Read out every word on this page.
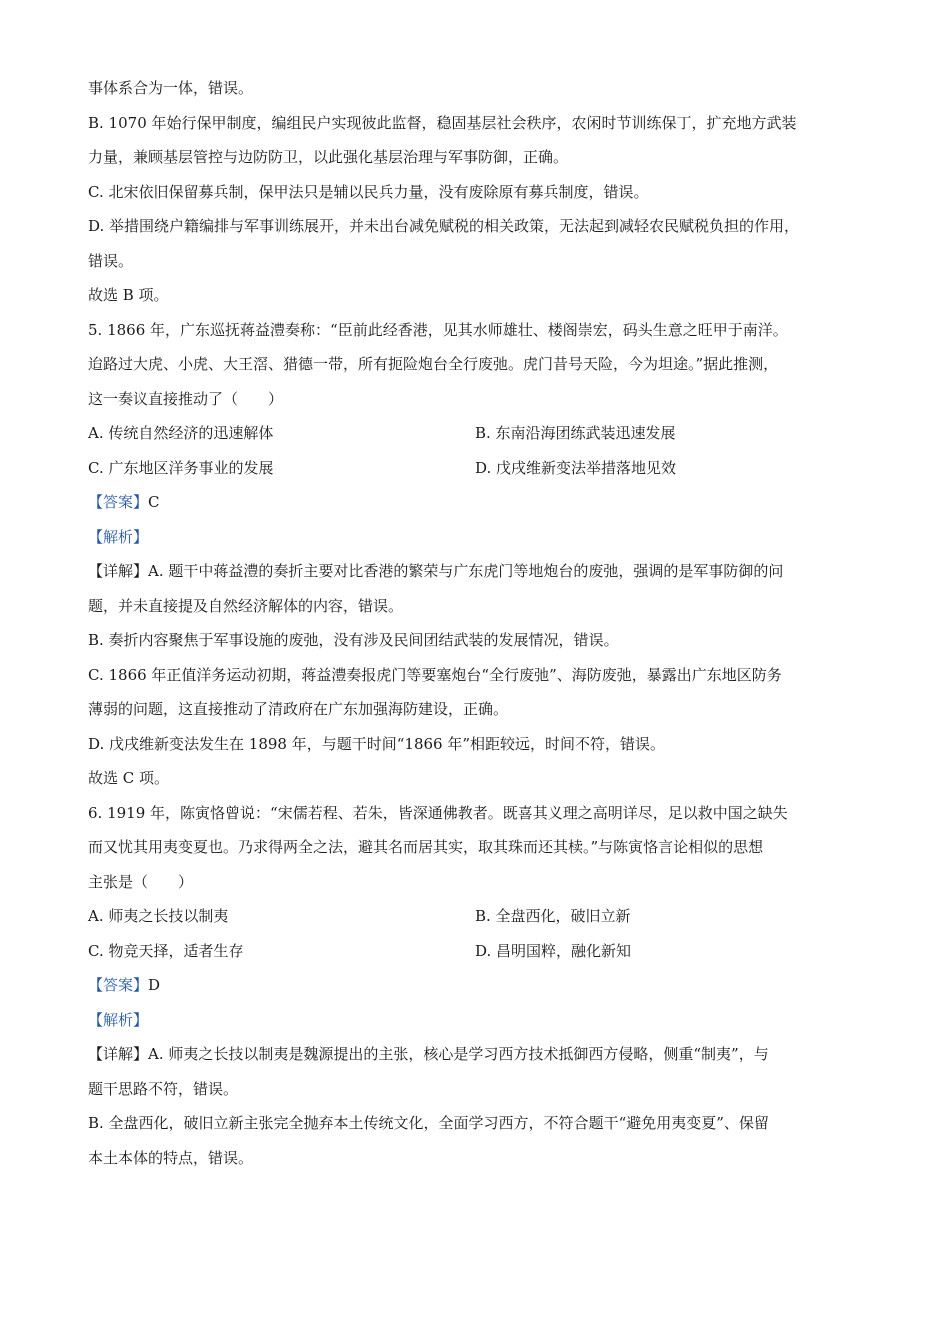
事体系合为一体，错误。

B. 1070 年始行保甲制度，编组民户实现彼此监督，稳固基层社会秩序，农闲时节训练保丁，扩充地方武装

力量，兼顾基层管控与边防防卫，以此强化基层治理与军事防御，正确。

C. 北宋依旧保留募兵制，保甲法只是辅以民兵力量，没有废除原有募兵制度，错误。

D. 举措围绕户籍编排与军事训练展开，并未出台减免赋税的相关政策，无法起到减轻农民赋税负担的作用，

错误。

故选 B 项。

5. 1866 年，广东巡抚蒋益澧奏称：“臣前此经香港，见其水师雄壮、楼阁崇宏，码头生意之旺甲于南洋。

迨路过大虎、小虎、大王滘、猎德一带，所有扼险炮台全行废弛。虎门昔号天险，今为坦途。”据此推测，

这一奏议直接推动了（　　）

A. 传统自然经济的迅速解体	B. 东南沿海团练武装迅速发展
C. 广东地区洋务事业的发展	D. 戊戌维新变法举措落地见效

【答案】C

【解析】

【详解】A. 题干中蒋益澧的奏折主要对比香港的繁荣与广东虎门等地炮台的废弛，强调的是军事防御的问

题，并未直接提及自然经济解体的内容，错误。

B. 奏折内容聚焦于军事设施的废弛，没有涉及民间团结武装的发展情况，错误。

C. 1866 年正值洋务运动初期，蒋益澧奏报虎门等要塞炮台“全行废弛”、海防废弛，暴露出广东地区防务

薄弱的问题，这直接推动了清政府在广东加强海防建设，正确。

D. 戊戌维新变法发生在 1898 年，与题干时间“1866 年”相距较远，时间不符，错误。

故选 C 项。

6. 1919 年，陈寅恪曾说：“宋儒若程、若朱，皆深通佛教者。既喜其义理之高明详尽，足以救中国之缺失

而又忧其用夷变夏也。乃求得两全之法，避其名而居其实，取其珠而还其椟。”与陈寅恪言论相似的思想

主张是（　　）

A. 师夷之长技以制夷	B. 全盘西化，破旧立新
C. 物竞天择，适者生存	D. 昌明国粹，融化新知

【答案】D

【解析】

【详解】A. 师夷之长技以制夷是魏源提出的主张，核心是学习西方技术抵御西方侵略，侧重“制夷”，与

题干思路不符，错误。

B. 全盘西化，破旧立新主张完全抛弃本土传统文化，全面学习西方，不符合题干“避免用夷变夏”、保留

本土本体的特点，错误。
